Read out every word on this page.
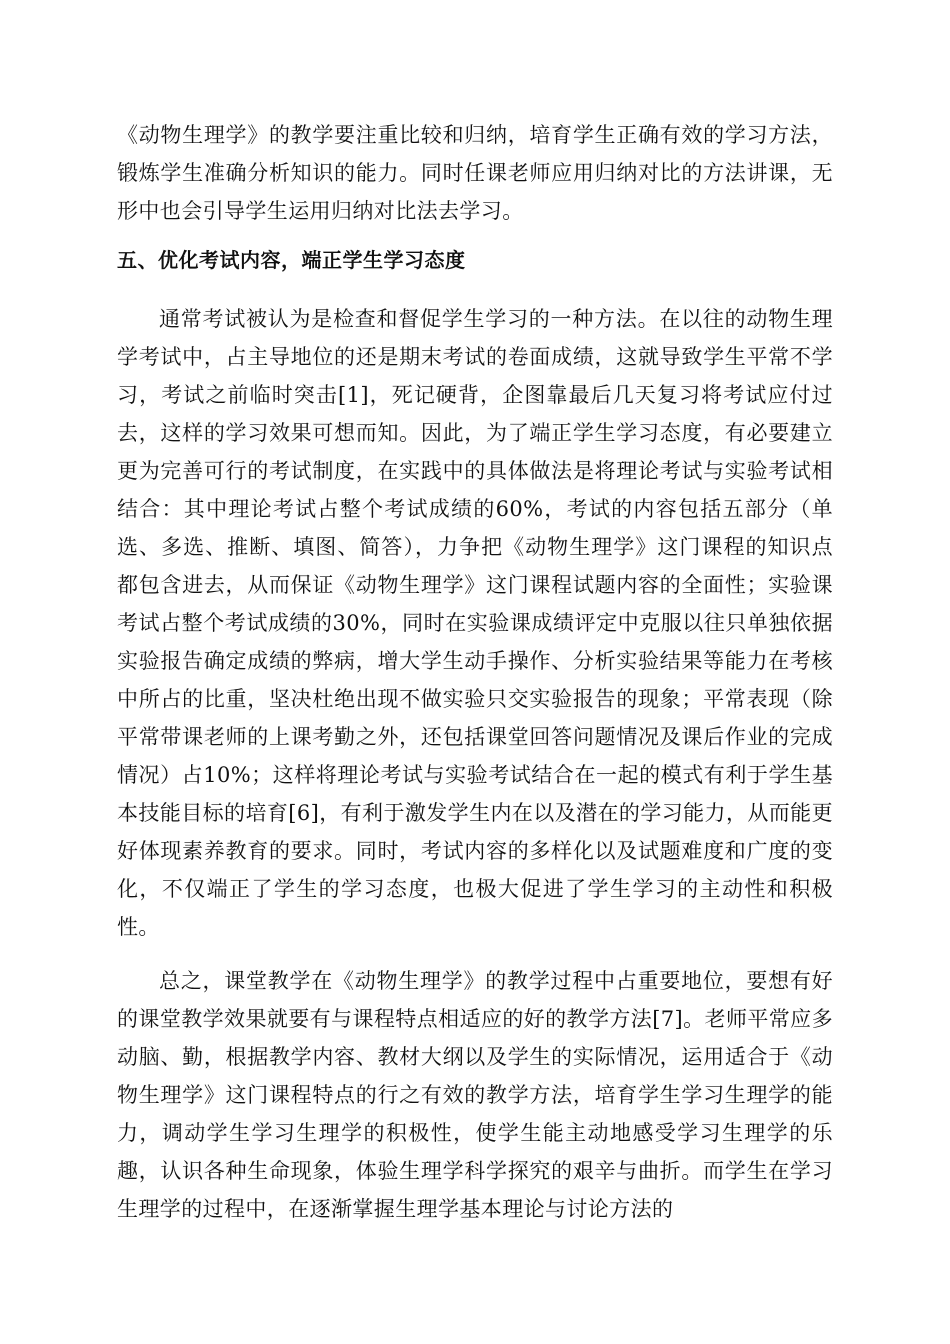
《动物生理学》的教学要注重比较和归纳，培育学生正确有效的学习方法，锻炼学生准确分析知识的能力。同时任课老师应用归纳对比的方法讲课，无形中也会引导学生运用归纳对比法去学习。

五、优化考试内容，端正学生学习态度

通常考试被认为是检查和督促学生学习的一种方法。在以往的动物生理学考试中，占主导地位的还是期末考试的卷面成绩，这就导致学生平常不学习，考试之前临时突击[1]，死记硬背，企图靠最后几天复习将考试应付过去，这样的学习效果可想而知。因此，为了端正学生学习态度，有必要建立更为完善可行的考试制度，在实践中的具体做法是将理论考试与实验考试相结合：其中理论考试占整个考试成绩的60%，考试的内容包括五部分（单选、多选、推断、填图、简答），力争把《动物生理学》这门课程的知识点都包含进去，从而保证《动物生理学》这门课程试题内容的全面性；实验课考试占整个考试成绩的30%，同时在实验课成绩评定中克服以往只单独依据实验报告确定成绩的弊病，增大学生动手操作、分析实验结果等能力在考核中所占的比重，坚决杜绝出现不做实验只交实验报告的现象；平常表现（除平常带课老师的上课考勤之外，还包括课堂回答问题情况及课后作业的完成情况）占10%；这样将理论考试与实验考试结合在一起的模式有利于学生基本技能目标的培育[6]，有利于激发学生内在以及潜在的学习能力，从而能更好体现素养教育的要求。同时，考试内容的多样化以及试题难度和广度的变化，不仅端正了学生的学习态度，也极大促进了学生学习的主动性和积极性。

总之，课堂教学在《动物生理学》的教学过程中占重要地位，要想有好的课堂教学效果就要有与课程特点相适应的好的教学方法[7]。老师平常应多动脑、勤，根据教学内容、教材大纲以及学生的实际情况，运用适合于《动物生理学》这门课程特点的行之有效的教学方法，培育学生学习生理学的能力，调动学生学习生理学的积极性，使学生能主动地感受学习生理学的乐趣，认识各种生命现象，体验生理学科学探究的艰辛与曲折。而学生在学习生理学的过程中，在逐渐掌握生理学基本理论与讨论方法的
